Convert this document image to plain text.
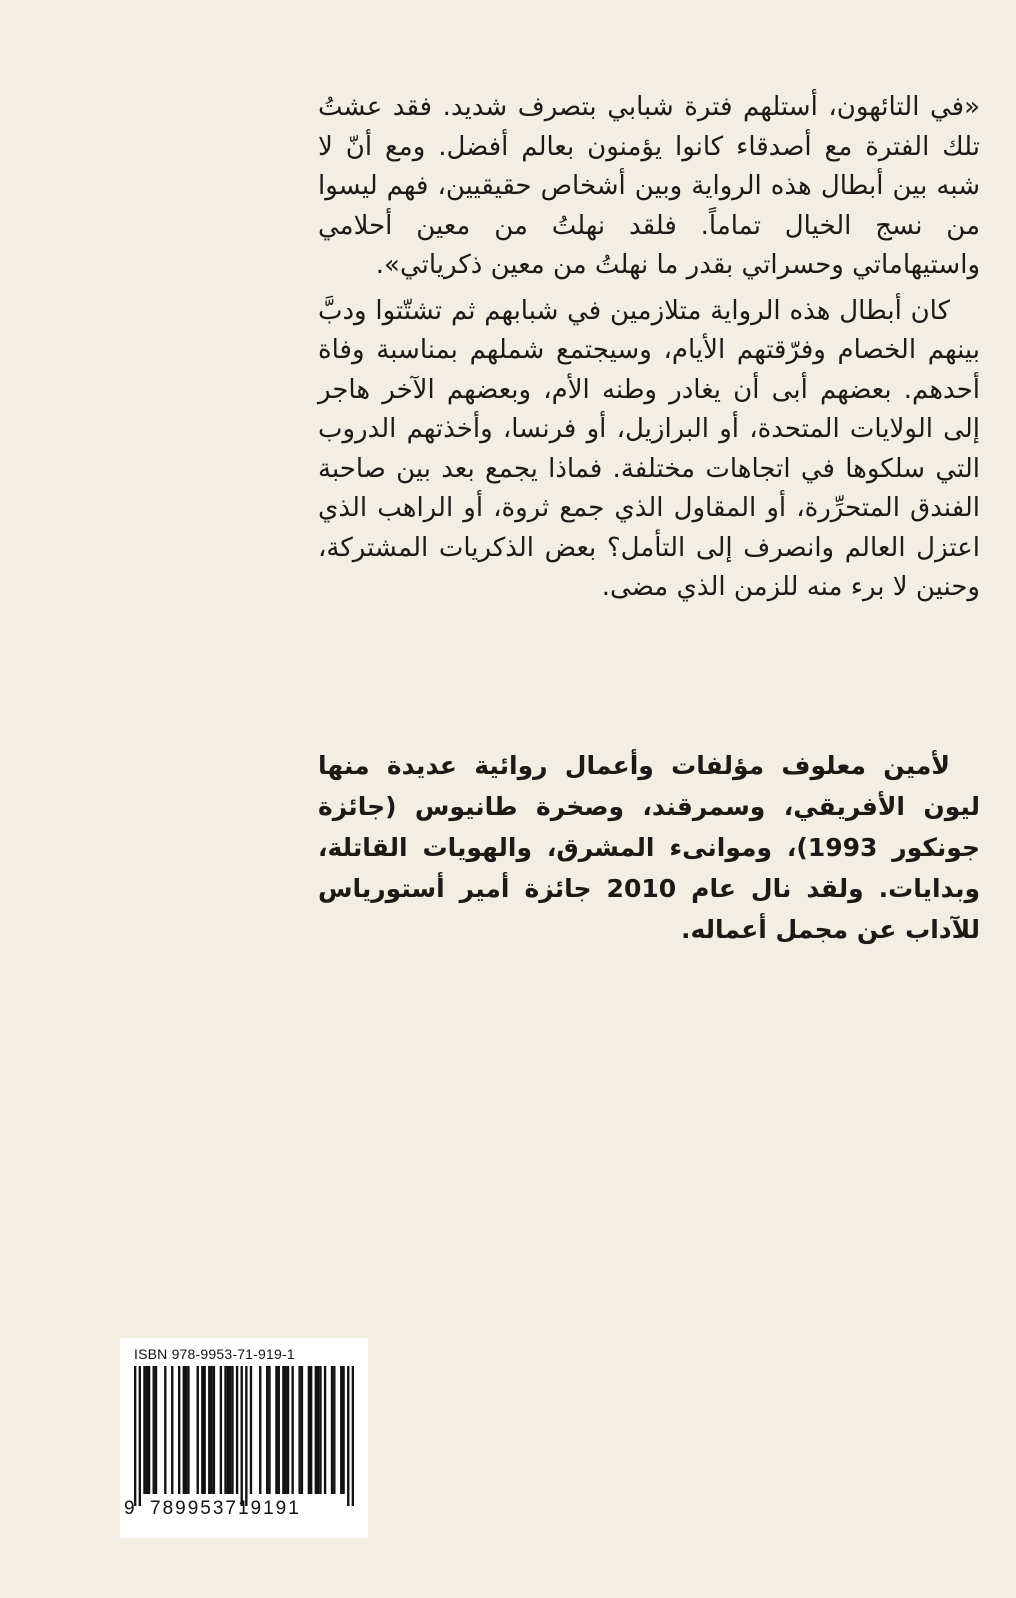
«في التائهون، أستلهم فترة شبابي بتصرف شديد. فقد عشتُ تلك الفترة مع أصدقاء كانوا يؤمنون بعالم أفضل. ومع أنّ لا شبه بين أبطال هذه الرواية وبين أشخاص حقيقيين، فهم ليسوا من نسج الخيال تماماً. فلقد نهلتُ من معين أحلامي واستيهاماتي وحسراتي بقدر ما نهلتُ من معين ذكرياتي».

كان أبطال هذه الرواية متلازمين في شبابهم ثم تشتّتوا ودبَّ بينهم الخصام وفرّقتهم الأيام، وسيجتمع شملهم بمناسبة وفاة أحدهم. بعضهم أبى أن يغادر وطنه الأم، وبعضهم الآخر هاجر إلى الولايات المتحدة، أو البرازيل، أو فرنسا، وأخذتهم الدروب التي سلكوها في اتجاهات مختلفة. فماذا يجمع بعد بين صاحبة الفندق المتحرِّرة، أو المقاول الذي جمع ثروة، أو الراهب الذي اعتزل العالم وانصرف إلى التأمل؟ بعض الذكريات المشتركة، وحنين لا برء منه للزمن الذي مضى.

لأمين معلوف مؤلفات وأعمال روائية عديدة منها ليون الأفريقي، وسمرقند، وصخرة طانيوس (جائزة جونكور 1993)، وموانىء المشرق، والهويات القاتلة، وبدايات. ولقد نال عام 2010 جائزة أمير أستورياس للآداب عن مجمل أعماله.

ISBN 978-9953-71-919-1
9 789953719191
